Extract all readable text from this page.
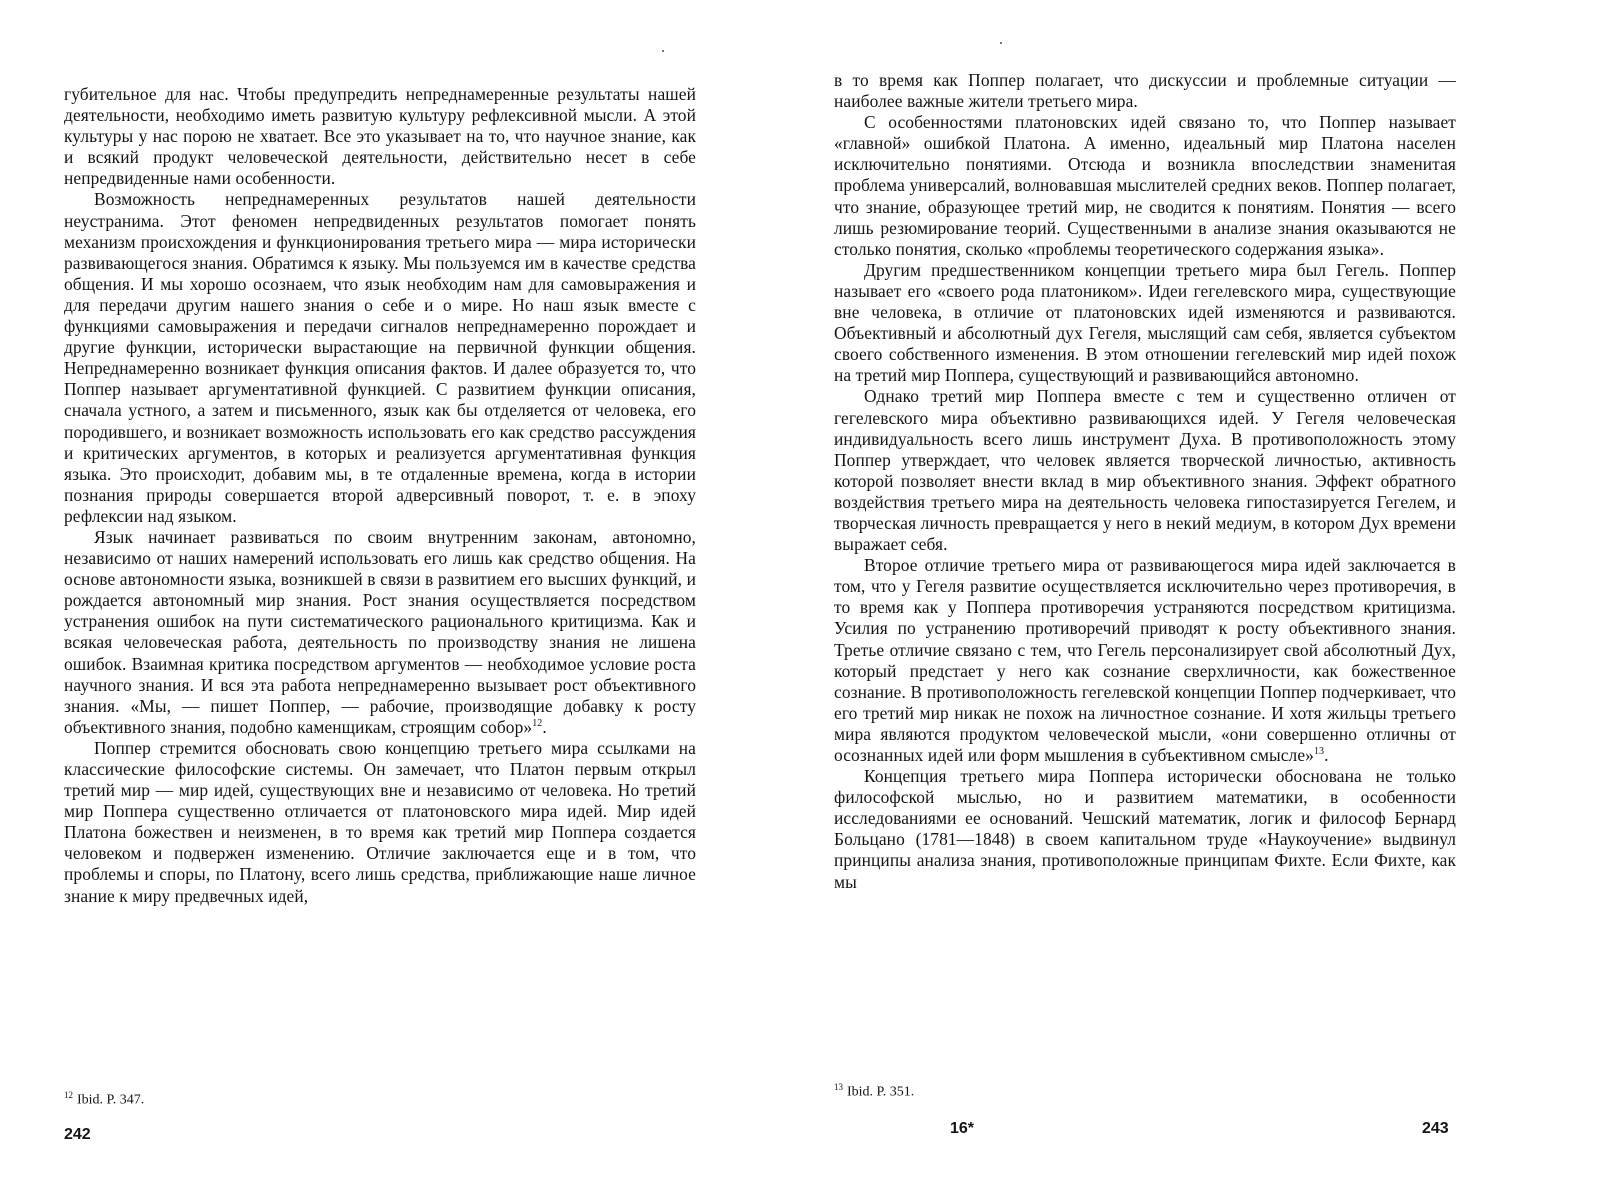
губительное для нас. Чтобы предупредить непреднамеренные результаты нашей деятельности, необходимо иметь развитую культуру рефлексивной мысли. А этой культуры у нас порою не хватает. Все это указывает на то, что научное знание, как и всякий продукт человеческой деятельности, действительно несет в себе непредвиденные нами особенности.

Возможность непреднамеренных результатов нашей деятельности неустранима. Этот феномен непредвиденных результатов помогает понять механизм происхождения и функционирования третьего мира — мира исторически развивающегося знания. Обратимся к языку. Мы пользуемся им в качестве средства общения. И мы хорошо осознаем, что язык необходим нам для самовыражения и для передачи другим нашего знания о себе и о мире. Но наш язык вместе с функциями самовыражения и передачи сигналов непреднамеренно порождает и другие функции, исторически вырастающие на первичной функции общения. Непреднамеренно возникает функция описания фактов. И далее образуется то, что Поппер называет аргументативной функцией. С развитием функции описания, сначала устного, а затем и письменного, язык как бы отделяется от человека, его породившего, и возникает возможность использовать его как средство рассуждения и критических аргументов, в которых и реализуется аргументативная функция языка. Это происходит, добавим мы, в те отдаленные времена, когда в истории познания природы совершается второй адверсивный поворот, т. е. в эпоху рефлексии над языком.

Язык начинает развиваться по своим внутренним законам, автономно, независимо от наших намерений использовать его лишь как средство общения. На основе автономности языка, возникшей в связи в развитием его высших функций, и рождается автономный мир знания. Рост знания осуществляется посредством устранения ошибок на пути систематического рационального критицизма. Как и всякая человеческая работа, деятельность по производству знания не лишена ошибок. Взаимная критика посредством аргументов — необходимое условие роста научного знания. И вся эта работа непреднамеренно вызывает рост объективного знания. «Мы, — пишет Поппер, — рабочие, производящие добавку к росту объективного знания, подобно каменщикам, строящим собор»$^{12}$.

Поппер стремится обосновать свою концепцию третьего мира ссылками на классические философские системы. Он замечает, что Платон первым открыл третий мир — мир идей, существующих вне и независимо от человека. Но третий мир Поппера существенно отличается от платоновского мира идей. Мир идей Платона божествен и неизменен, в то время как третий мир Поппера создается человеком и подвержен изменению. Отличие заключается еще и в том, что проблемы и споры, по Платону, всего лишь средства, приближающие наше личное знание к миру предвечных идей,

$^{12}$ Ibid. P. 347.
242

в то время как Поппер полагает, что дискуссии и проблемные ситуации — наиболее важные жители третьего мира.

С особенностями платоновских идей связано то, что Поппер называет «главной» ошибкой Платона. А именно, идеальный мир Платона населен исключительно понятиями. Отсюда и возникла впоследствии знаменитая проблема универсалий, волновавшая мыслителей средних веков. Поппер полагает, что знание, образующее третий мир, не сводится к понятиям. Понятия — всего лишь резюмирование теорий. Существенными в анализе знания оказываются не столько понятия, сколько «проблемы теоретического содержания языка».

Другим предшественником концепции третьего мира был Гегель. Поппер называет его «своего рода платоником». Идеи гегелевского мира, существующие вне человека, в отличие от платоновских идей изменяются и развиваются. Объективный и абсолютный дух Гегеля, мыслящий сам себя, является субъектом своего собственного изменения. В этом отношении гегелевский мир идей похож на третий мир Поппера, существующий и развивающийся автономно.

Однако третий мир Поппера вместе с тем и существенно отличен от гегелевского мира объективно развивающихся идей. У Гегеля человеческая индивидуальность всего лишь инструмент Духа. В противоположность этому Поппер утверждает, что человек является творческой личностью, активность которой позволяет внести вклад в мир объективного знания. Эффект обратного воздействия третьего мира на деятельность человека гипостазируется Гегелем, и творческая личность превращается у него в некий медиум, в котором Дух времени выражает себя.

Второе отличие третьего мира от развивающегося мира идей заключается в том, что у Гегеля развитие осуществляется исключительно через противоречия, в то время как у Поппера противоречия устраняются посредством критицизма. Усилия по устранению противоречий приводят к росту объективного знания. Третье отличие связано с тем, что Гегель персонализирует свой абсолютный Дух, который предстает у него как сознание сверхличности, как божественное сознание. В противоположность гегелевской концепции Поппер подчеркивает, что его третий мир никак не похож на личностное сознание. И хотя жильцы третьего мира являются продуктом человеческой мысли, «они совершенно отличны от осознанных идей или форм мышления в субъективном смысле»$^{13}$.

Концепция третьего мира Поппера исторически обоснована не только философской мыслью, но и развитием математики, в особенности исследованиями ее оснований. Чешский математик, логик и философ Бернард Больцано (1781—1848) в своем капитальном труде «Наукоучение» выдвинул принципы анализа знания, противоположные принципам Фихте. Если Фихте, как мы

$^{13}$ Ibid. P. 351.
16*	243
